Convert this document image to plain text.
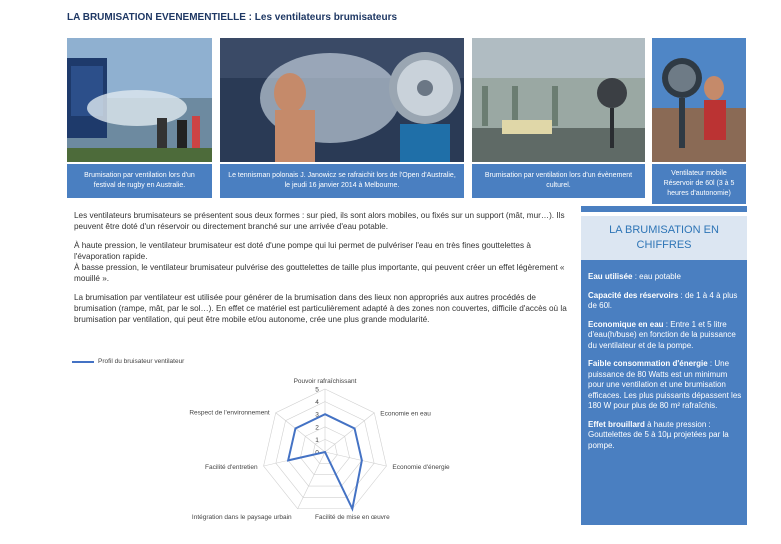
LA BRUMISATION EVENEMENTIELLE : Les ventilateurs brumisateurs
Brumisation par ventilation lors d'un festival de rugby en Australie.
Le tennisman polonais J. Janowicz se rafraichit lors de l'Open d'Australie, le jeudi 16 janvier 2014 à Melbourne.
Brumisation par ventilation lors d'un évènement culturel.
Ventilateur mobile Réservoir de 60l (3 à 5 heures d'autonomie)

Les ventilateurs brumisateurs se présentent sous deux formes : sur pied, ils sont alors mobiles, ou fixés sur un support (mât, mur…). Ils peuvent être doté d'un réservoir ou directement branché sur une arrivée d'eau potable.

À haute pression, le ventilateur brumisateur est doté d'une pompe qui lui permet de pulvériser l'eau en très fines gouttelettes à l'évaporation rapide.

À basse pression, le ventilateur brumisateur pulvérise des gouttelettes de taille plus importante, qui peuvent créer un effet légèrement « mouillé ».

La brumisation par ventilateur est utilisée pour générer de la brumisation dans des lieux non appropriés aux autres procédés de brumisation (rampe, mât, par le sol…). En effet ce matériel est particulièrement adapté à des zones non couvertes, difficile d'accès où la brumisation par ventilation, qui peut être mobile et/ou autonome, crée une plus grande modularité.

LA BRUMISATION EN
CHIFFRES
Eau utilisée : eau potable
Capacité des réservoirs : de 1 à 4 à plus de 60l.
Economique en eau : Entre 1 et 5 litre d'eau(h/buse) en fonction de la puissance du ventilateur et de la pompe.
Faible consommation d'énergie : Une puissance de 80 Watts est un minimum pour une ventilation et une brumisation efficaces. Les plus puissants dépassent les 180 W pour plus de 80 m² rafraîchis.
Effet brouillard à haute pression : Gouttelettes de 5 à 10µ projetées par la pompe.
Profil du bruisateur ventilateur
0
1
2
3
4
5
Pouvoir rafraîchissant
Economie en eau
Economie d'énergie
Facilité de mise en œuvre
Intégration dans le paysage urbain
Facilité d'entretien
Respect de l'environnement
